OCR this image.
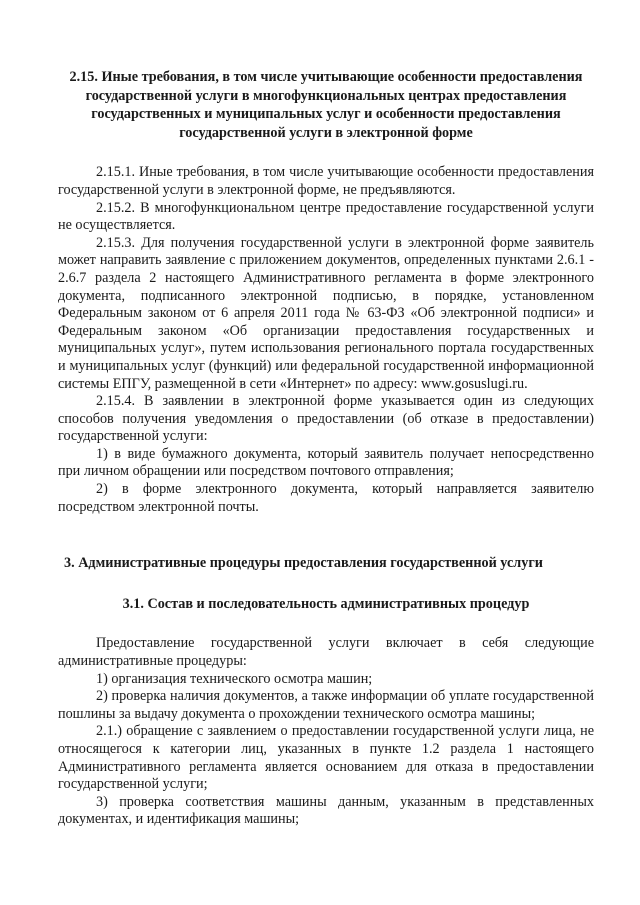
2.15. Иные требования, в том числе учитывающие особенности предоставления государственной услуги в многофункциональных центрах предоставления государственных и муниципальных услуг и особенности предоставления государственной услуги в электронной форме

2.15.1. Иные требования, в том числе учитывающие особенности предоставления государственной услуги в электронной форме, не предъявляются.

2.15.2. В многофункциональном центре предоставление государственной услуги не осуществляется.

2.15.3. Для получения государственной услуги в электронной форме заявитель может направить заявление с приложением документов, определенных пунктами 2.6.1 - 2.6.7 раздела 2 настоящего Административного регламента в форме электронного документа, подписанного электронной подписью, в порядке, установленном Федеральным законом от 6 апреля 2011 года № 63-ФЗ «Об электронной подписи» и Федеральным законом «Об организации предоставления государственных и муниципальных услуг», путем использования регионального портала государственных и муниципальных услуг (функций) или федеральной государственной информационной системы ЕПГУ, размещенной в сети «Интернет» по адресу: www.gosuslugi.ru.

2.15.4. В заявлении в электронной форме указывается один из следующих способов получения уведомления о предоставлении (об отказе в предоставлении) государственной услуги:

1) в виде бумажного документа, который заявитель получает непосредственно при личном обращении или посредством почтового отправления;

2) в форме электронного документа, который направляется заявителю посредством электронной почты.

3. Административные процедуры предоставления государственной услуги
3.1. Состав и последовательность административных процедур

Предоставление государственной услуги включает в себя следующие административные процедуры:

1) организация технического осмотра машин;

2) проверка наличия документов, а также информации об уплате государственной пошлины за выдачу документа о прохождении технического осмотра машины;

2.1.) обращение с заявлением о предоставлении государственной услуги лица, не относящегося к категории лиц, указанных в пункте 1.2 раздела 1 настоящего Административного регламента является основанием для отказа в предоставлении государственной услуги;

3) проверка соответствия машины данным, указанным в представленных документах, и идентификация машины;
